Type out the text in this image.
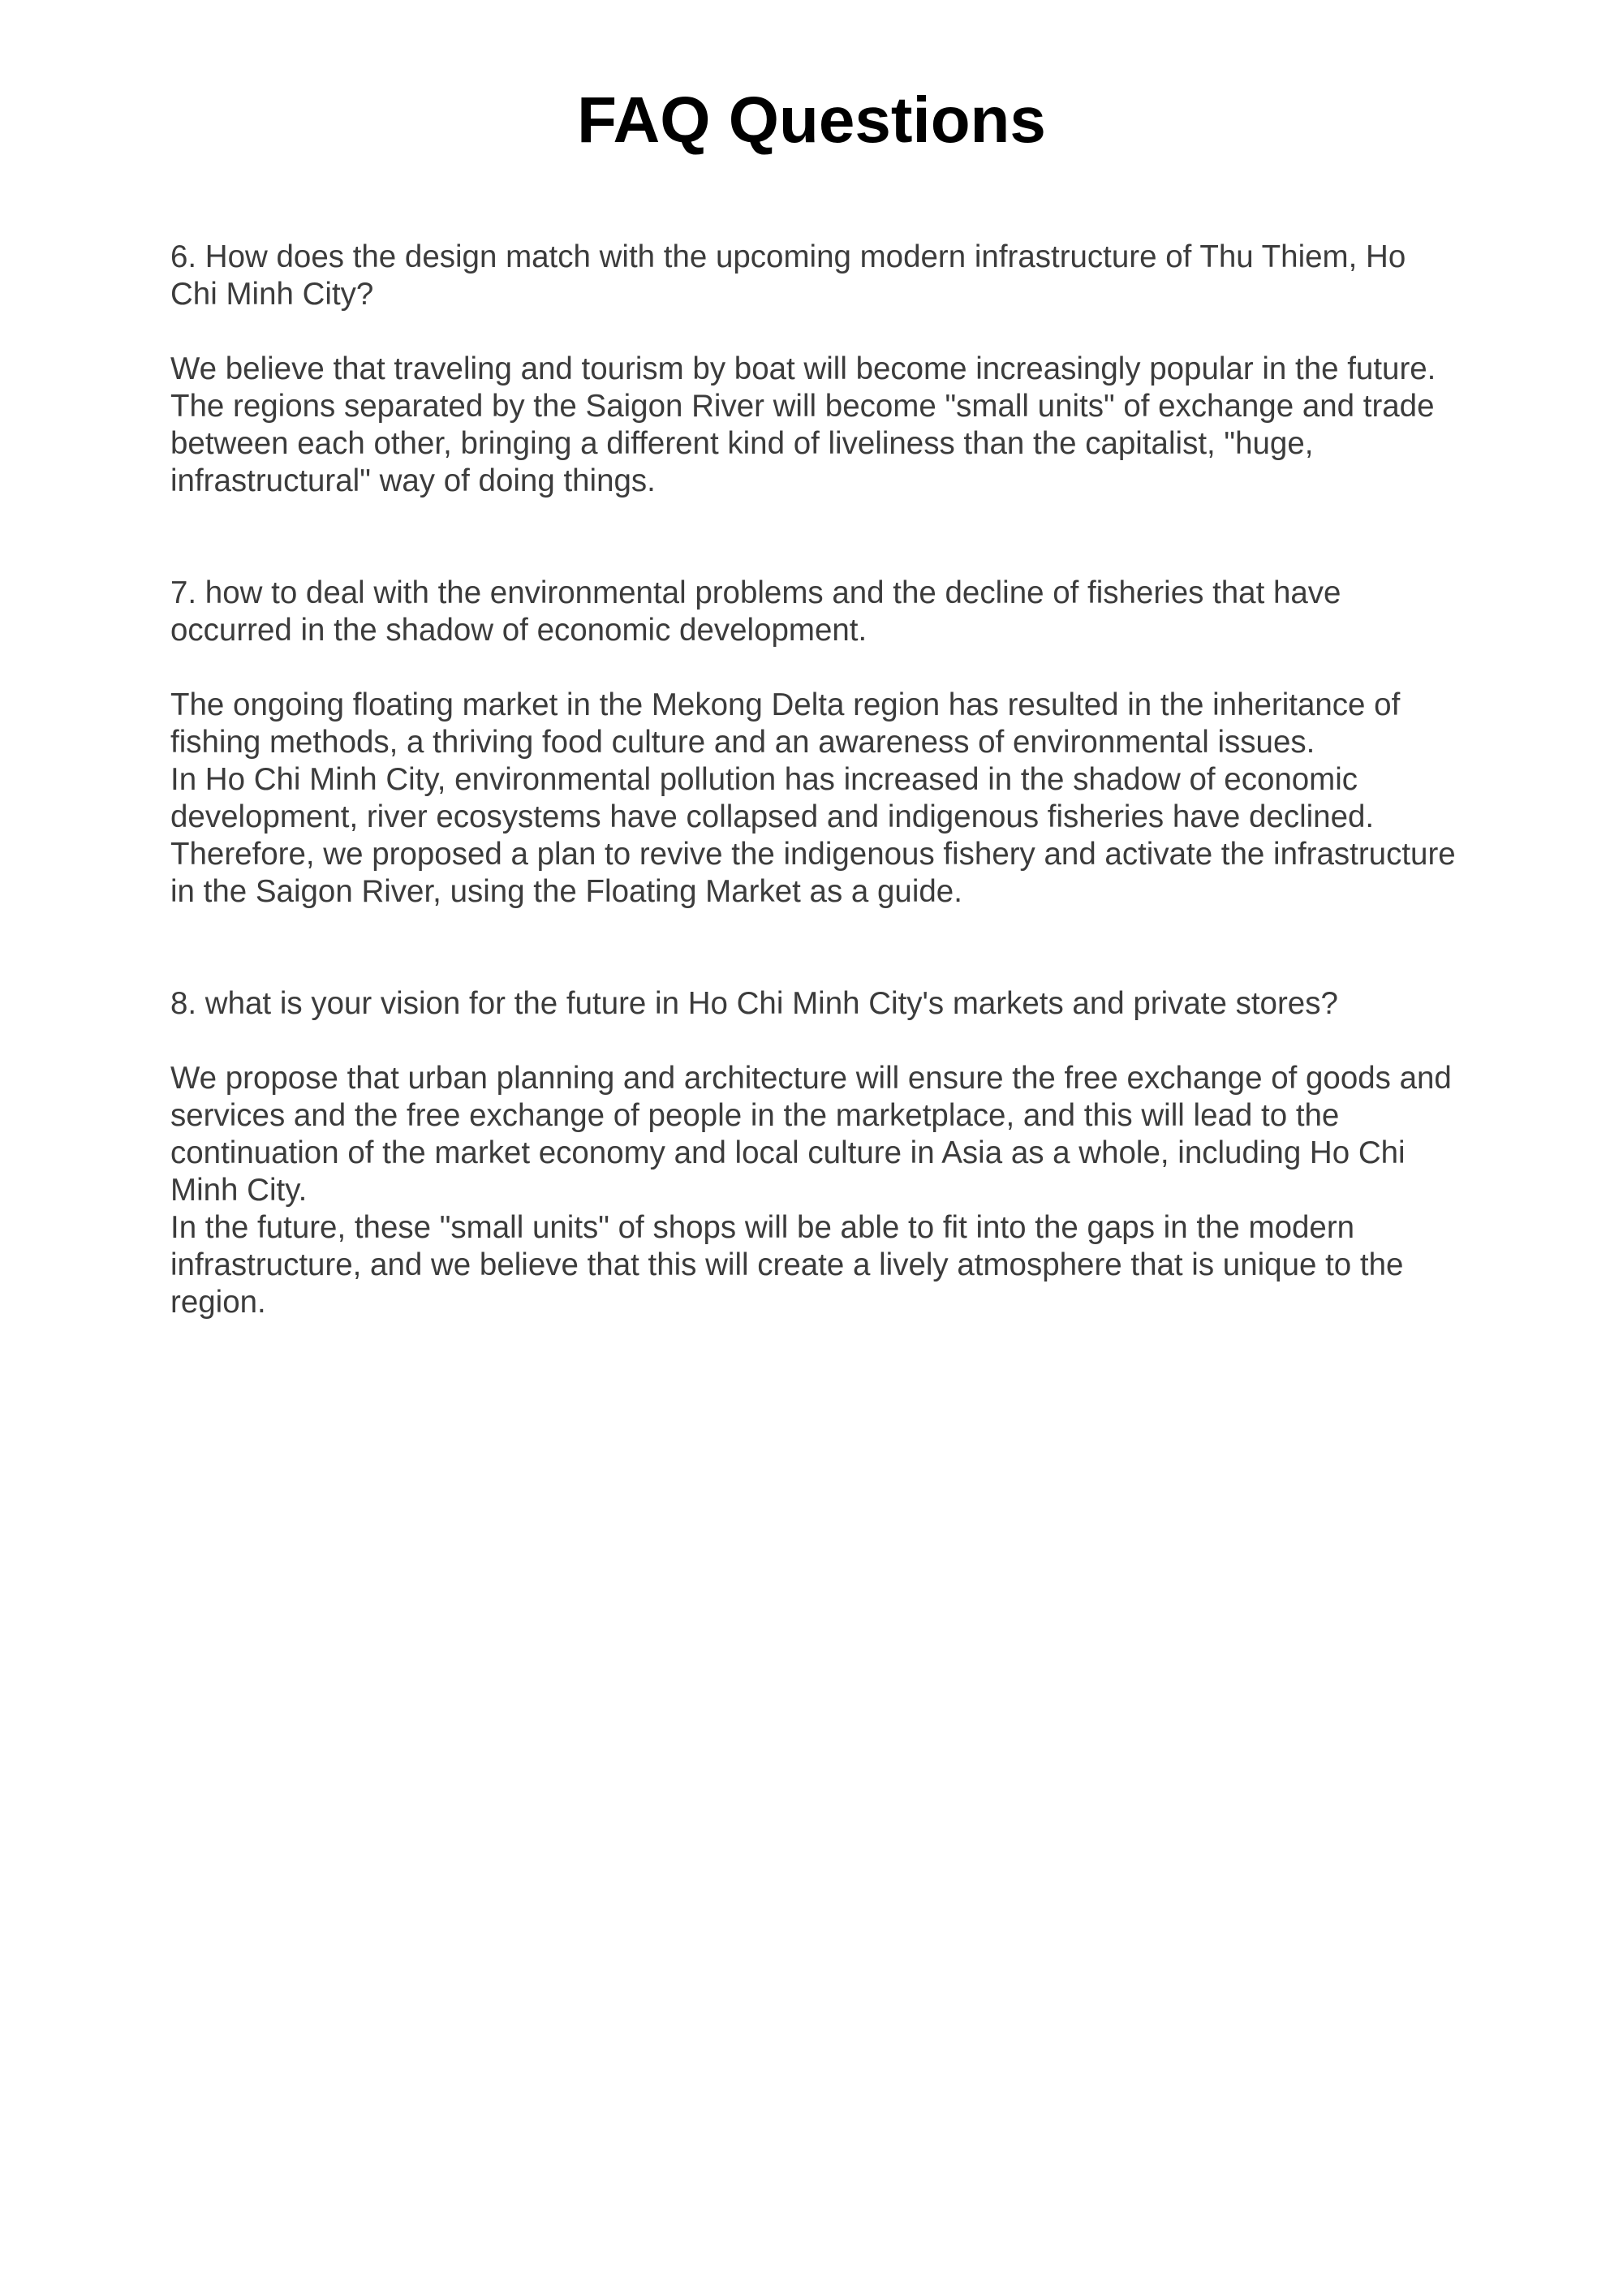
FAQ Questions

6. How does the design match with the upcoming modern infrastructure of Thu Thiem, Ho Chi Minh City?

We believe that traveling and tourism by boat will become increasingly popular in the future.

The regions separated by the Saigon River will become "small units" of exchange and trade between each other, bringing a different kind of liveliness than the capitalist, "huge, infrastructural" way of doing things.

7. how to deal with the environmental problems and the decline of fisheries that have occurred in the shadow of economic development.

The ongoing floating market in the Mekong Delta region has resulted in the inheritance of fishing methods, a thriving food culture and an awareness of environmental issues.

In Ho Chi Minh City, environmental pollution has increased in the shadow of economic development, river ecosystems have collapsed and indigenous fisheries have declined.

Therefore, we proposed a plan to revive the indigenous fishery and activate the infrastructure in the Saigon River, using the Floating Market as a guide.

8. what is your vision for the future in Ho Chi Minh City's markets and private stores?

We propose that urban planning and architecture will ensure the free exchange of goods and services and the free exchange of people in the marketplace, and this will lead to the continuation of the market economy and local culture in Asia as a whole, including Ho Chi Minh City.

In the future, these "small units" of shops will be able to fit into the gaps in the modern infrastructure, and we believe that this will create a lively atmosphere that is unique to the region.
